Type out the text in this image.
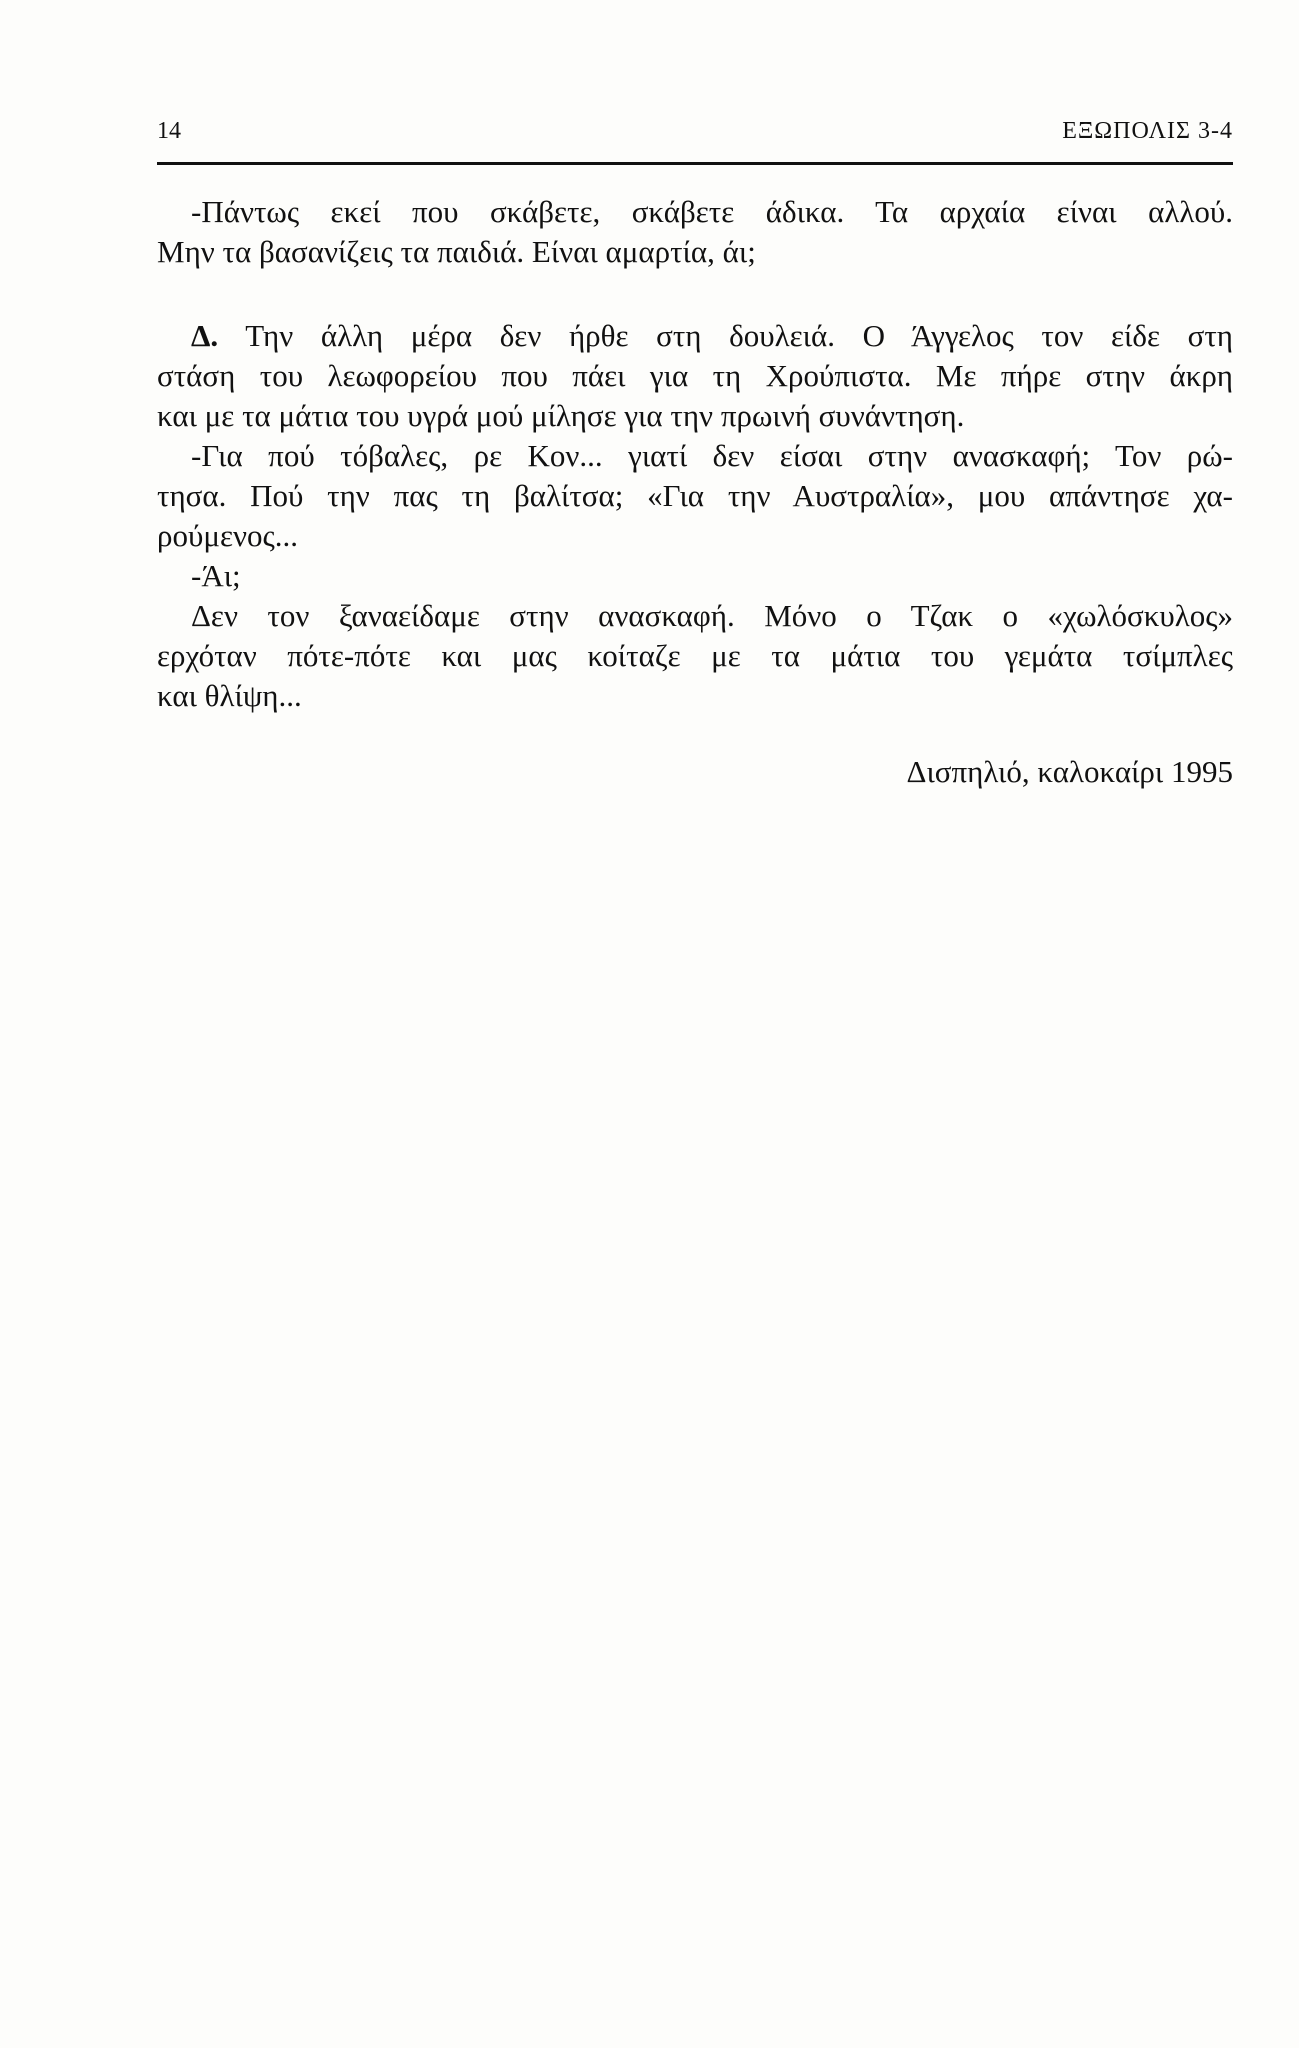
14	ΕΞΩΠΟΛΙΣ 3-4
-Πάντως εκεί που σκάβετε, σκάβετε άδικα. Τα αρχαία είναι αλλού.
Μην τα βασανίζεις τα παιδιά. Είναι αμαρτία, άι;
Δ. Την άλλη μέρα δεν ήρθε στη δουλειά. Ο Άγγελος τον είδε στη
στάση του λεωφορείου που πάει για τη Χρούπιστα. Με πήρε στην άκρη
και με τα μάτια του υγρά μού μίλησε για την πρωινή συνάντηση.
-Για πού τόβαλες, ρε Κον... γιατί δεν είσαι στην ανασκαφή; Τον ρώ-
τησα. Πού την πας τη βαλίτσα; «Για την Αυστραλία», μου απάντησε χα-
ρούμενος...
-Άι;
Δεν τον ξαναείδαμε στην ανασκαφή. Μόνο ο Τζακ ο «χωλόσκυλος»
ερχόταν πότε-πότε και μας κοίταζε με τα μάτια του γεμάτα τσίμπλες
και θλίψη...
Δισπηλιό, καλοκαίρι 1995
